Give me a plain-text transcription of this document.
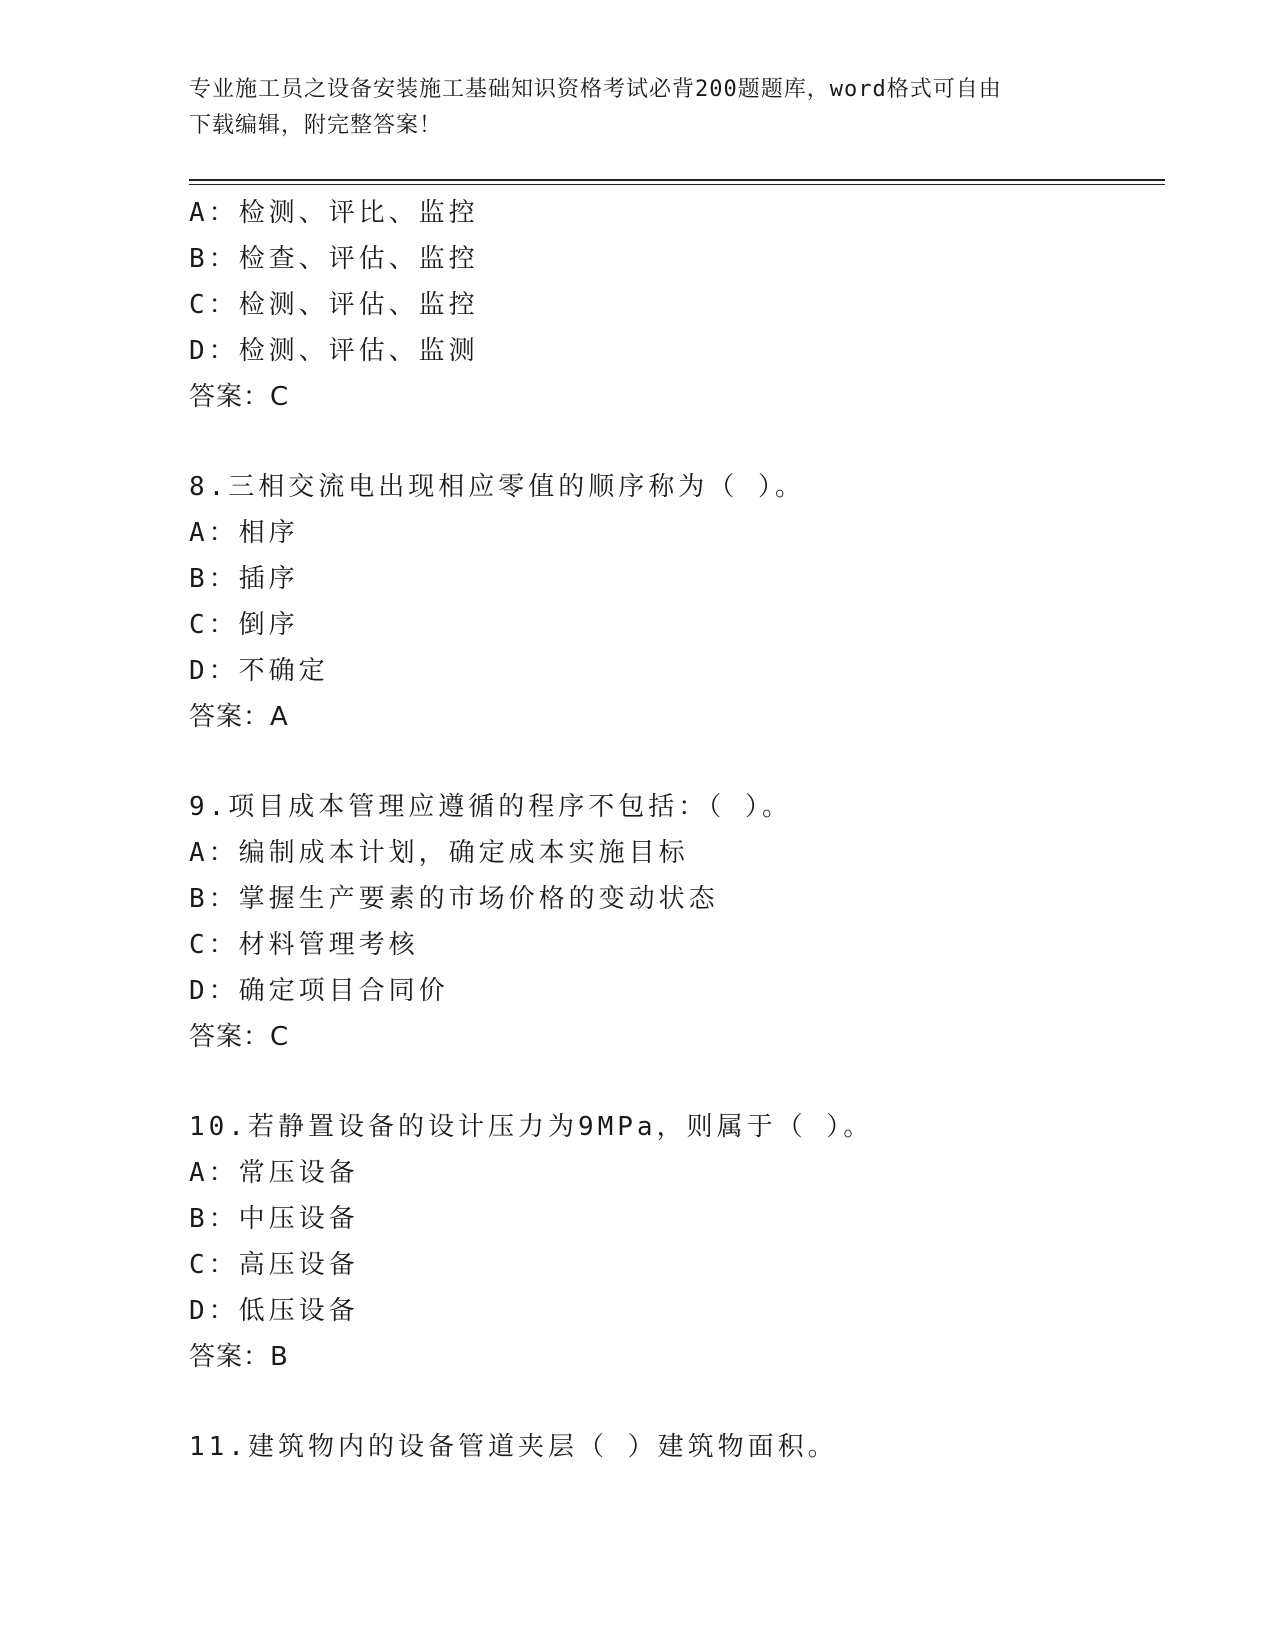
专业施工员之设备安装施工基础知识资格考试必背200题题库，word格式可自由
下载编辑，附完整答案！
A：检测、评比、监控
B：检查、评估、监控
C：检测、评估、监控
D：检测、评估、监测
答案：C
8.三相交流电出现相应零值的顺序称为（ ）。
A：相序
B：插序
C：倒序
D：不确定
答案：A
9.项目成本管理应遵循的程序不包括：（ ）。
A：编制成本计划，确定成本实施目标
B：掌握生产要素的市场价格的变动状态
C：材料管理考核
D：确定项目合同价
答案：C
10.若静置设备的设计压力为9MPa，则属于（ ）。
A：常压设备
B：中压设备
C：高压设备
D：低压设备
答案：B
11.建筑物内的设备管道夹层（ ）建筑物面积。
